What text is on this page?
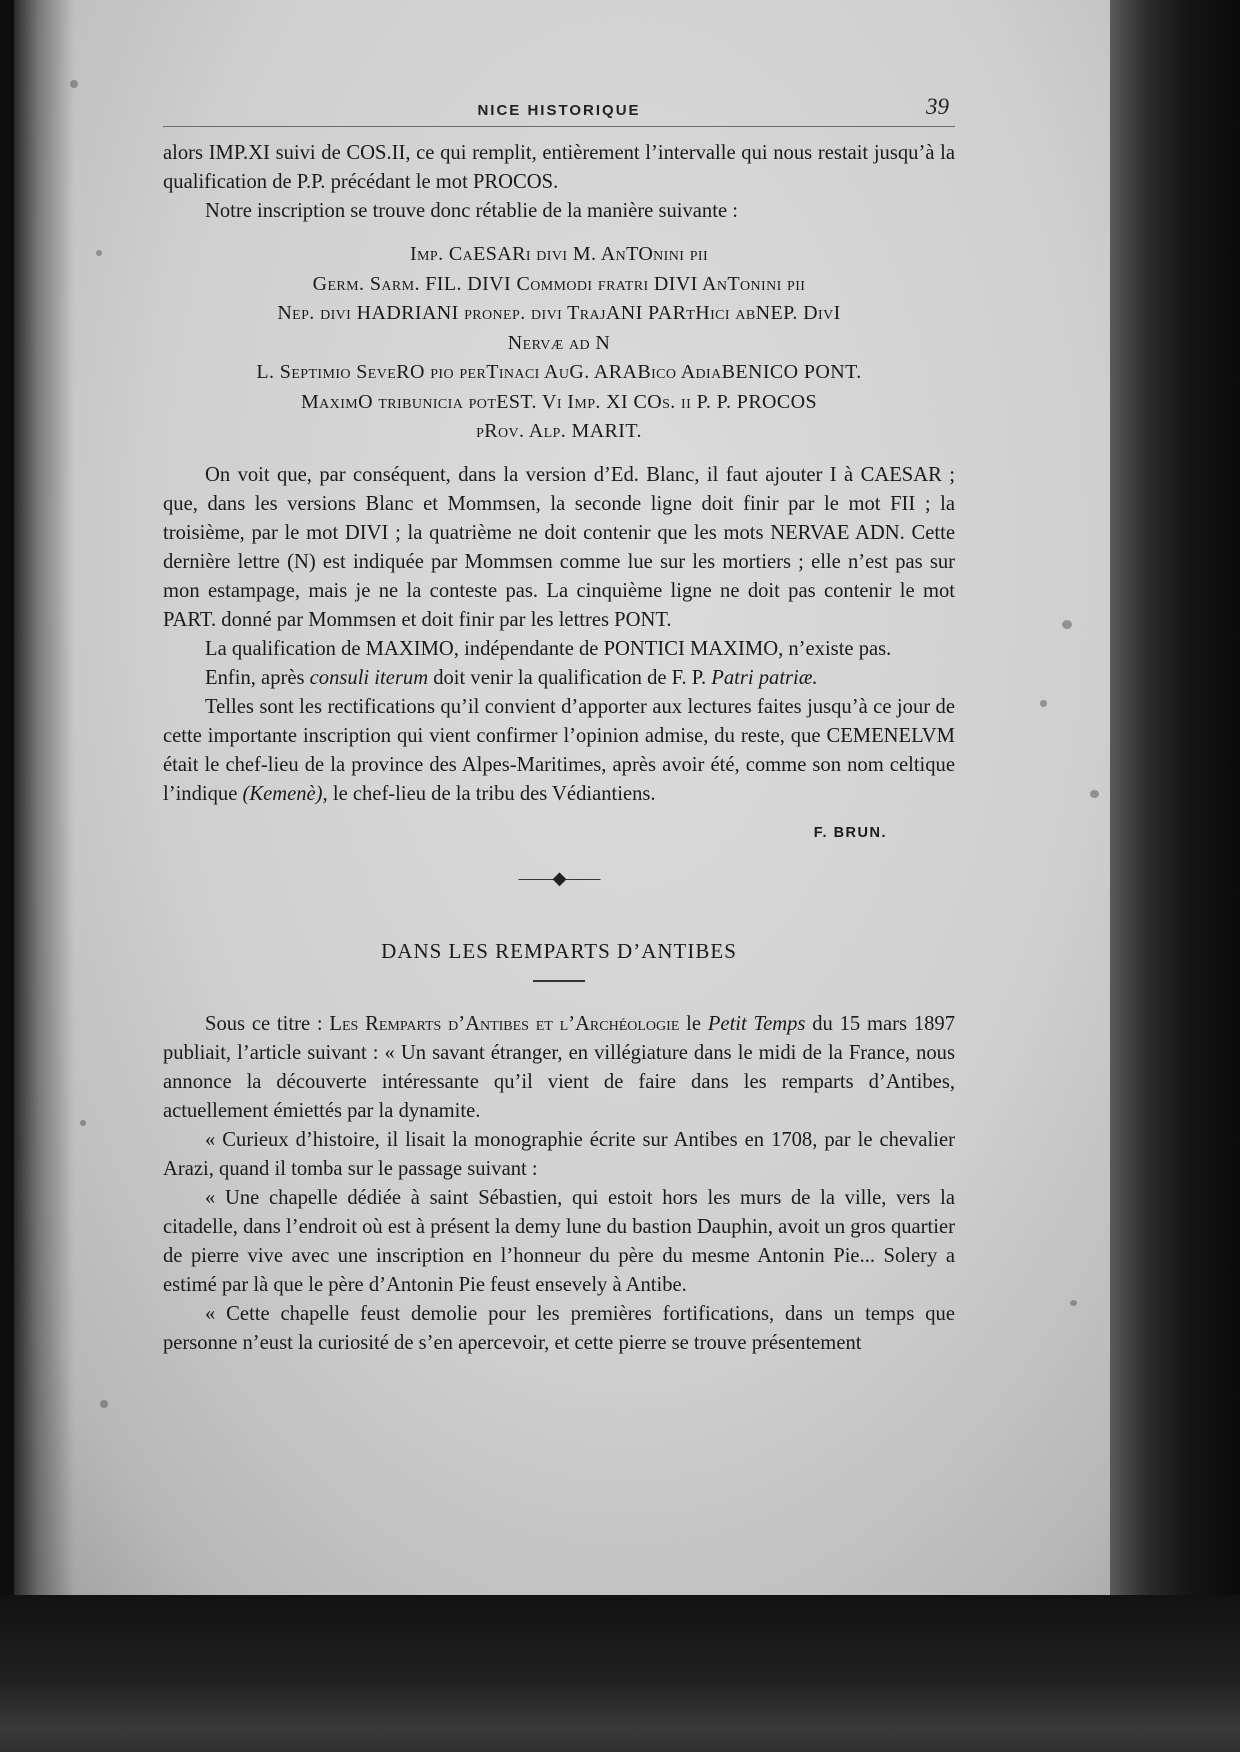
NICE HISTORIQUE	39

alors IMP.XI suivi de COS.II, ce qui remplit, entièrement l’intervalle qui nous restait jusqu’à la qualification de P.P. précédant le mot PROCOS.

Notre inscription se trouve donc rétablie de la manière suivante :

Imp. CaESARi divi M. AnTOnini pii
Germ. Sarm. FIL. DIVI Commodi fratri DIVI AnTonini pii
Nep. divi HADRIANI pronep. divi TrajANI PARtHici abNEP. DivI
Nervæ ad N
L. Septimio SeveRO pio perTinaci AuG. ARABico AdiaBENICO PONT.
MaximO tribunicia potEST. Vi Imp. XI COs. ii P. P. PROCOS
pRov. Alp. MARIT.

On voit que, par conséquent, dans la version d’Ed. Blanc, il faut ajouter I à CAESAR ; que, dans les versions Blanc et Mommsen, la seconde ligne doit finir par le mot FII ; la troisième, par le mot DIVI ; la quatrième ne doit contenir que les mots NERVAE ADN. Cette dernière lettre (N) est indiquée par Mommsen comme lue sur les mortiers ; elle n’est pas sur mon estampage, mais je ne la conteste pas. La cinquième ligne ne doit pas contenir le mot PART. donné par Mommsen et doit finir par les lettres PONT.

La qualification de MAXIMO, indépendante de PONTICI MAXIMO, n’existe pas.

Enfin, après consuli iterum doit venir la qualification de F. P. Patri patriæ.

Telles sont les rectifications qu’il convient d’apporter aux lectures faites jusqu’à ce jour de cette importante inscription qui vient confirmer l’opinion admise, du reste, que CEMENELVM était le chef-lieu de la province des Alpes-Maritimes, après avoir été, comme son nom celtique l’indique (Kemenè), le chef-lieu de la tribu des Védiantiens.

F. BRUN.
——◆——
DANS LES REMPARTS D’ANTIBES

Sous ce titre : Les Remparts d’Antibes et l’Archéologie le Petit Temps du 15 mars 1897 publiait, l’article suivant : « Un savant étranger, en villégiature dans le midi de la France, nous annonce la découverte intéressante qu’il vient de faire dans les remparts d’Antibes, actuellement émiettés par la dynamite.

« Curieux d’histoire, il lisait la monographie écrite sur Antibes en 1708, par le chevalier Arazi, quand il tomba sur le passage suivant :

« Une chapelle dédiée à saint Sébastien, qui estoit hors les murs de la ville, vers la citadelle, dans l’endroit où est à présent la demy lune du bastion Dauphin, avoit un gros quartier de pierre vive avec une inscription en l’honneur du père du mesme Antonin Pie... Solery a estimé par là que le père d’Antonin Pie feust ensevely à Antibe.

« Cette chapelle feust demolie pour les premières fortifications, dans un temps que personne n’eust la curiosité de s’en apercevoir, et cette pierre se trouve présentement
